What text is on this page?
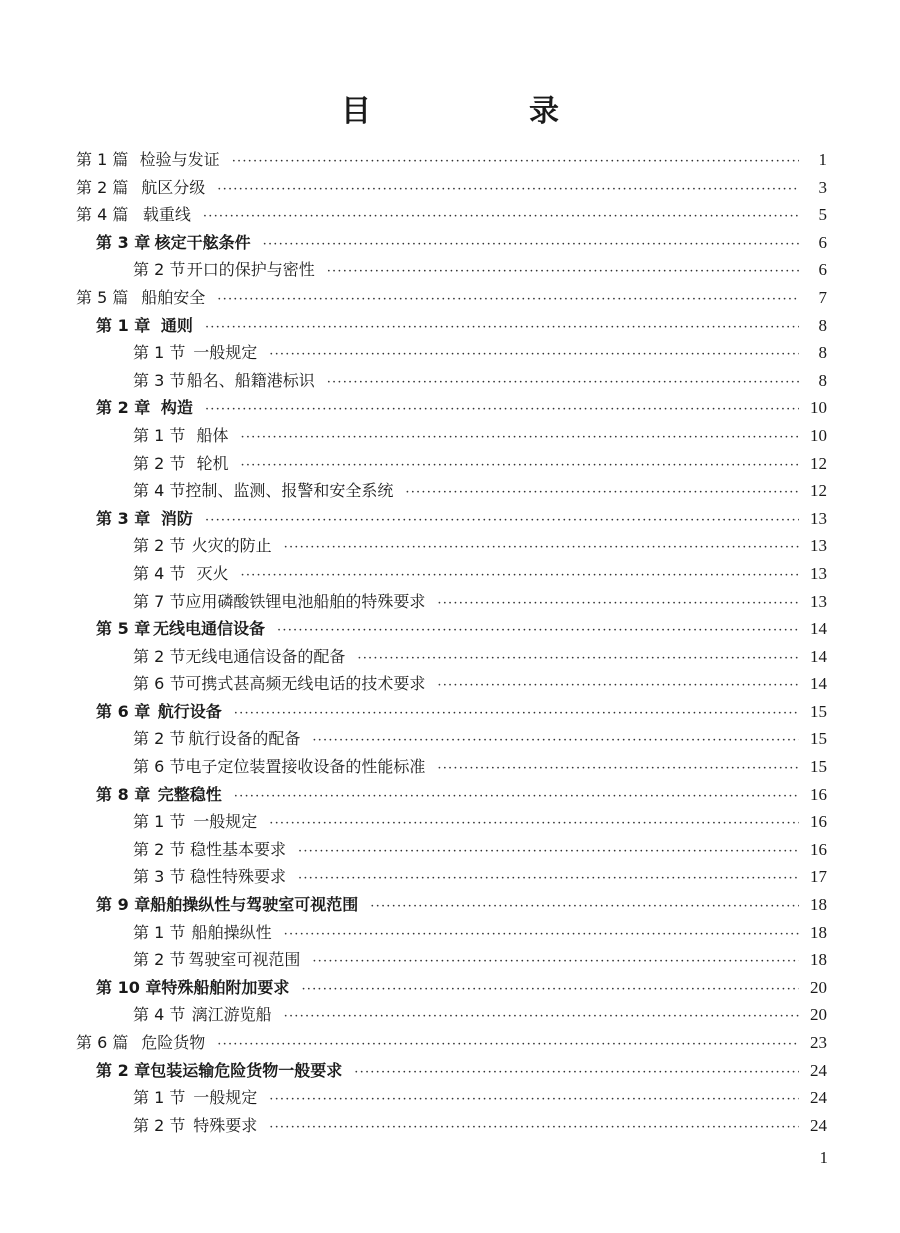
目　录
第 1 篇 检验与发证 ·····	1
第 2 篇 航区分级 ·····	3
第 4 篇 载重线 ·····	5
第 3 章 核定干舷条件 ·····	6
第 2 节 开口的保护与密性 ·····	6
第 5 篇 船舶安全 ·····	7
第 1 章 通则 ·····	8
第 1 节 一般规定 ·····	8
第 3 节 船名、船籍港标识 ·····	8
第 2 章 构造 ·····	10
第 1 节 船体 ·····	10
第 2 节 轮机 ·····	12
第 4 节 控制、监测、报警和安全系统 ·····	12
第 3 章 消防 ·····	13
第 2 节 火灾的防止 ·····	13
第 4 节 灭火 ·····	13
第 7 节 应用磷酸铁锂电池船舶的特殊要求 ·····	13
第 5 章 无线电通信设备 ·····	14
第 2 节 无线电通信设备的配备 ·····	14
第 6 节 可携式甚高频无线电话的技术要求 ·····	14
第 6 章 航行设备 ·····	15
第 2 节 航行设备的配备 ·····	15
第 6 节 电子定位装置接收设备的性能标准 ·····	15
第 8 章 完整稳性 ·····	16
第 1 节 一般规定 ·····	16
第 2 节 稳性基本要求 ·····	16
第 3 节 稳性特殊要求 ·····	17
第 9 章 船舶操纵性与驾驶室可视范围 ·····	18
第 1 节 船舶操纵性 ·····	18
第 2 节 驾驶室可视范围 ·····	18
第 10 章 特殊船舶附加要求 ·····	20
第 4 节 漓江游览船 ·····	20
第 6 篇 危险货物 ·····	23
第 2 章 包装运输危险货物一般要求 ·····	24
第 1 节 一般规定 ·····	24
第 2 节 特殊要求 ·····	24
1
